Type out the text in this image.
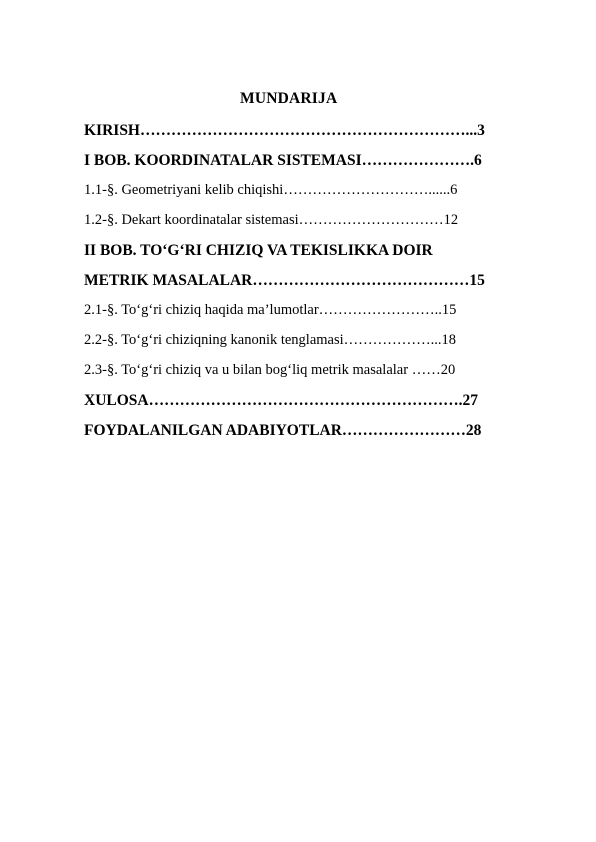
MUNDARIJA
KIRISH………………………………………………………...3
I BOB. KOORDINATALAR SISTEMASI………………….6
1.1-§. Geometriyani kelib chiqishi…………………………......6
1.2-§. Dekart koordinatalar sistemasi…………………………12
II BOB. TO‘G‘RI CHIZIQ VA TEKISLIKKA DOIR
METRIK MASALALAR……………………………………15
2.1-§. To‘g‘ri chiziq haqida ma’lumotlar……………………..15
2.2-§. To‘g‘ri chiziqning kanonik tenglamasi………………...18
2.3-§. To‘g‘ri chiziq va u bilan bog‘liq metrik masalalar ……20
XULOSA…………………………………………………….27
FOYDALANILGAN ADABIYOTLAR……………………28
